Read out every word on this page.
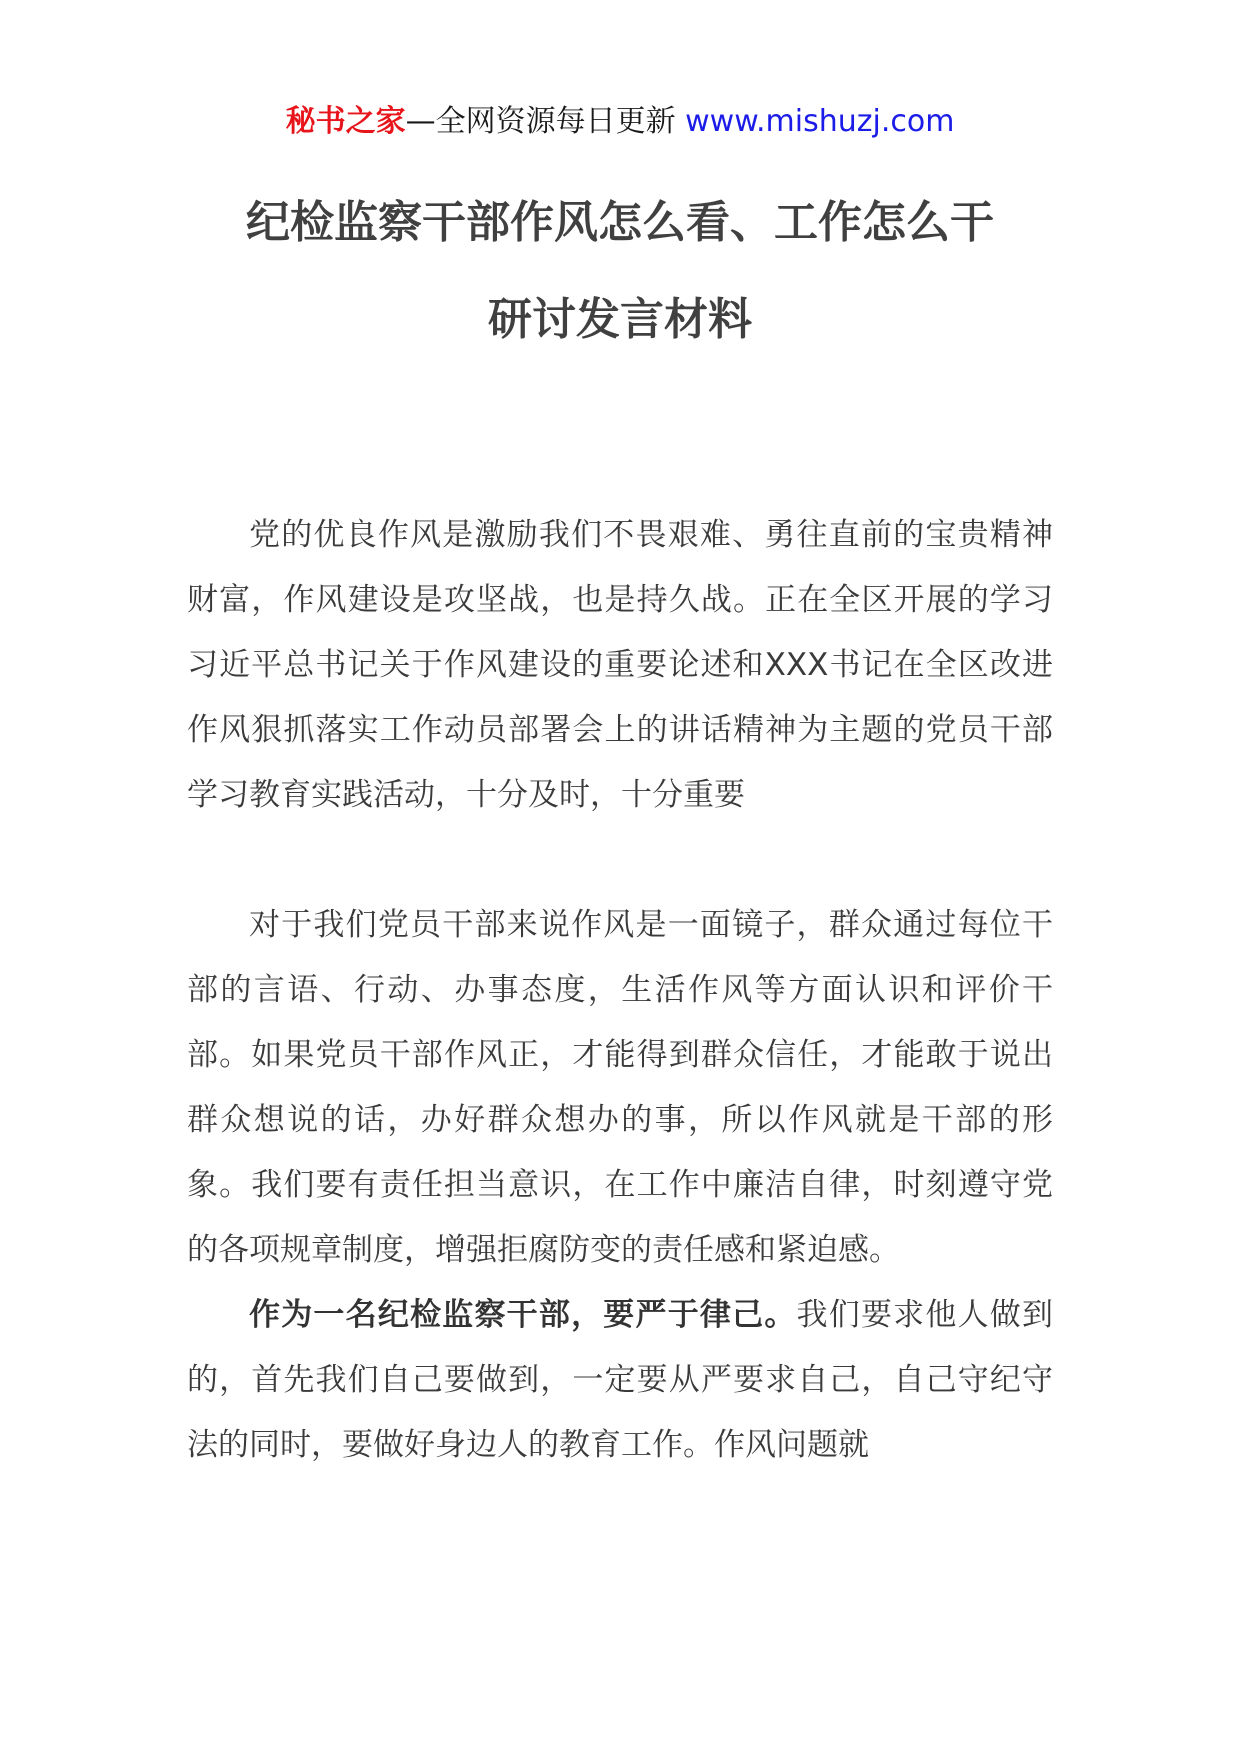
秘书之家—全网资源每日更新 www.mishuzj.com
纪检监察干部作风怎么看、工作怎么干
研讨发言材料

党的优良作风是激励我们不畏艰难、勇往直前的宝贵精神财富，作风建设是攻坚战，也是持久战。正在全区开展的学习习近平总书记关于作风建设的重要论述和XXX书记在全区改进作风狠抓落实工作动员部署会上的讲话精神为主题的党员干部学习教育实践活动，十分及时，十分重要

对于我们党员干部来说作风是一面镜子，群众通过每位干部的言语、行动、办事态度，生活作风等方面认识和评价干部。如果党员干部作风正，才能得到群众信任，才能敢于说出群众想说的话，办好群众想办的事，所以作风就是干部的形象。我们要有责任担当意识，在工作中廉洁自律，时刻遵守党的各项规章制度，增强拒腐防变的责任感和紧迫感。

作为一名纪检监察干部，要严于律己。我们要求他人做到的，首先我们自己要做到，一定要从严要求自己，自己守纪守法的同时，要做好身边人的教育工作。作风问题就
